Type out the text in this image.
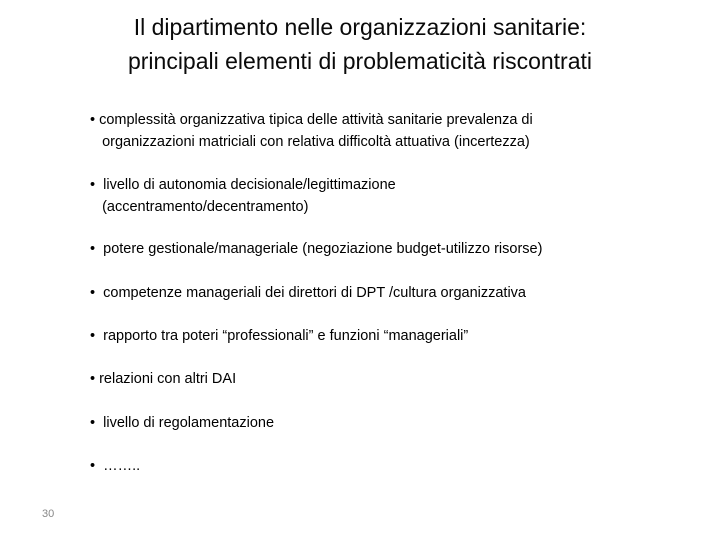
Il dipartimento nelle organizzazioni sanitarie:
principali elementi di problematicità riscontrati
• complessità organizzativa tipica delle attività sanitarie prevalenza di
organizzazioni matriciali con relativa difficoltà attuativa (incertezza)
•  livello di autonomia decisionale/legittimazione
(accentramento/decentramento)
•  potere gestionale/manageriale (negoziazione budget-utilizzo risorse)
•  competenze manageriali dei direttori di DPT /cultura organizzativa
•  rapporto tra poteri “professionali” e funzioni “manageriali”
• relazioni con altri DAI
•  livello di regolamentazione
•  ……..
30
